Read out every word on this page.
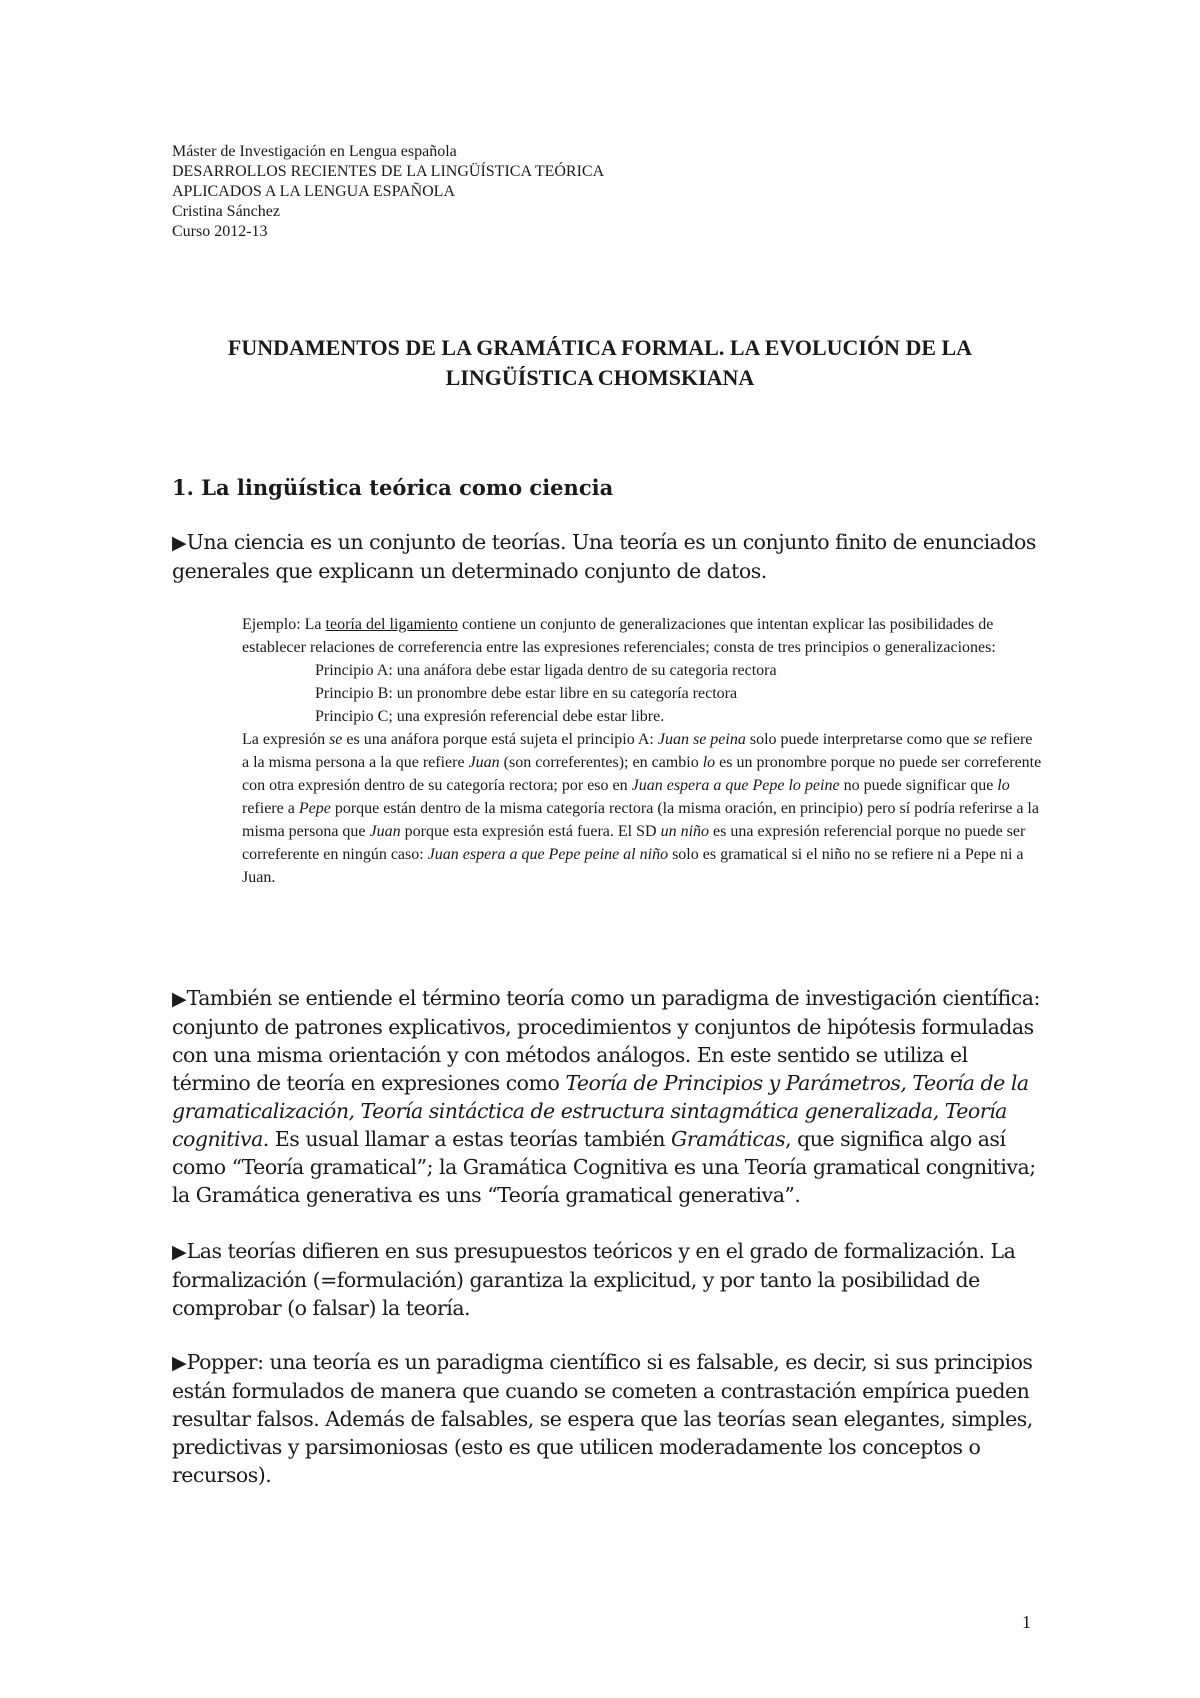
Máster de Investigación en Lengua española
DESARROLLOS RECIENTES DE LA LINGÜÍSTICA TEÓRICA
APLICADOS A LA LENGUA ESPAÑOLA
Cristina Sánchez
Curso 2012-13
FUNDAMENTOS DE LA GRAMÁTICA FORMAL. LA EVOLUCIÓN DE LA
LINGÜÍSTICA CHOMSKIANA
1. La lingüística teórica como ciencia
▶Una ciencia es un conjunto de teorías. Una teoría es un conjunto finito de enunciados generales que explicann un determinado conjunto de datos.
Ejemplo: La teoría del ligamiento contiene un conjunto de generalizaciones que intentan explicar las posibilidades de establecer relaciones de correferencia entre las expresiones referenciales; consta de tres principios o generalizaciones:
Principio A: una anáfora debe estar ligada dentro de su categoria rectora
Principio B: un pronombre debe estar libre en su categoría rectora
Principio C; una expresión referencial debe estar libre.
La expresión se es una anáfora porque está sujeta el principio A: Juan se peina solo puede interpretarse como que se refiere a la misma persona a la que refiere Juan (son correferentes); en cambio lo es un pronombre porque no puede ser correferente con otra expresión dentro de su categoría rectora; por eso en Juan espera a que Pepe lo peine no puede significar que lo refiere a Pepe porque están dentro de la misma categoría rectora (la misma oración, en principio) pero sí podría referirse a la misma persona que Juan porque esta expresión está fuera. El SD un niño es una expresión referencial porque no puede ser correferente en ningún caso: Juan espera a que Pepe peine al niño solo es gramatical si el niño no se refiere ni a Pepe ni a Juan.
▶También se entiende el término teoría como un paradigma de investigación científica: conjunto de patrones explicativos, procedimientos y conjuntos de hipótesis formuladas con una misma orientación y con métodos análogos. En este sentido se utiliza el término de teoría en expresiones como Teoría de Principios y Parámetros, Teoría de la gramaticalización, Teoría sintáctica de estructura sintagmática generalizada, Teoría cognitiva. Es usual llamar a estas teorías también Gramáticas, que significa algo así como “Teoría gramatical”; la Gramática Cognitiva es una Teoría gramatical congnitiva; la Gramática generativa es uns “Teoría gramatical generativa”.
▶Las teorías difieren en sus presupuestos teóricos y en el grado de formalización. La formalización (=formulación) garantiza la explicitud, y por tanto la posibilidad de comprobar (o falsar) la teoría.
▶Popper: una teoría es un paradigma científico si es falsable, es decir, si sus principios están formulados de manera que cuando se cometen a contrastación empírica pueden resultar falsos. Además de falsables, se espera que las teorías sean elegantes, simples, predictivas y parsimoniosas (esto es que utilicen moderadamente los conceptos o recursos).
1
